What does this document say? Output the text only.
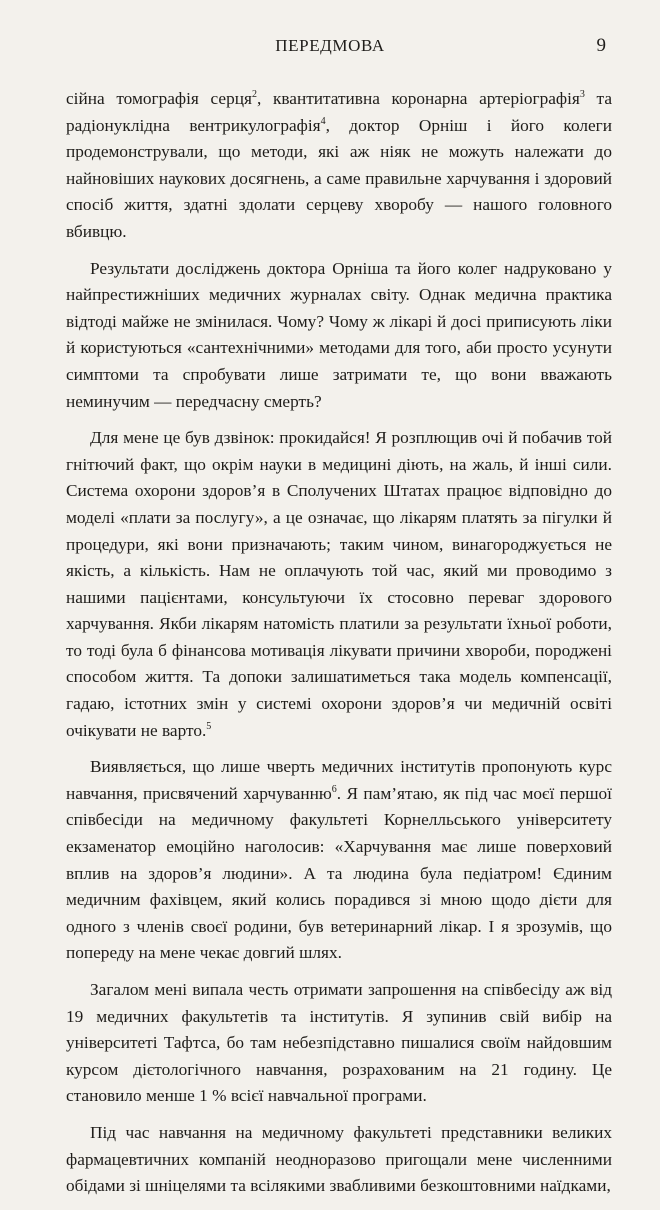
ПЕРЕДМОВА	9

сійна томографія серця$^2$, квантитативна коронарна артеріографія$^3$ та радіонуклідна вентрикулографія$^4$, доктор Орніш і його колеги продемонстрували, що методи, які аж ніяк не можуть належати до найновіших наукових досягнень, а саме правильне харчування і здоровий спосіб життя, здатні здолати серцеву хворобу — нашого головного вбивцю.

Результати досліджень доктора Орніша та його колег надруковано у найпрестижніших медичних журналах світу. Однак медична практика відтоді майже не змінилася. Чому? Чому ж лікарі й досі приписують ліки й користуються «сантехнічними» методами для того, аби просто усунути симптоми та спробувати лише затримати те, що вони вважають неминучим — передчасну смерть?

Для мене це був дзвінок: прокидайся! Я розплющив очі й побачив той гнітючий факт, що окрім науки в медицині діють, на жаль, й інші сили. Система охорони здоров’я в Сполучених Штатах працює відповідно до моделі «плати за послугу», а це означає, що лікарям платять за пігулки й процедури, які вони призначають; таким чином, винагороджується не якість, а кількість. Нам не оплачують той час, який ми проводимо з нашими пацієнтами, консультуючи їх стосовно переваг здорового харчування. Якби лікарям натомість платили за результати їхньої роботи, то тоді була б фінансова мотивація лікувати причини хвороби, породжені способом життя. Та допоки залишатиметься така модель компенсації, гадаю, істотних змін у системі охорони здоров’я чи медичній освіті очікувати не варто.$^5$

Виявляється, що лише чверть медичних інститутів пропонують курс навчання, присвячений харчуванню$^6$. Я пам’ятаю, як під час моєї першої співбесіди на медичному факультеті Корнелльського університету екзаменатор емоційно наголосив: «Харчування має лише поверховий вплив на здоров’я людини». А та людина була педіатром! Єдиним медичним фахівцем, який колись порадився зі мною щодо дієти для одного з членів своєї родини, був ветеринарний лікар. І я зрозумів, що попереду на мене чекає довгий шлях.

Загалом мені випала честь отримати запрошення на співбесіду аж від 19 медичних факультетів та інститутів. Я зупинив свій вибір на університеті Тафтса, бо там небезпідставно пишалися своїм найдовшим курсом дієтологічного навчання, розрахованим на 21 годину. Це становило менше 1 % всієї навчальної програми.

Під час навчання на медичному факультеті представники великих фармацевтичних компаній неодноразово пригощали мене численними обідами зі шніцелями та всілякими звабливими безкоштовними наїдками,
